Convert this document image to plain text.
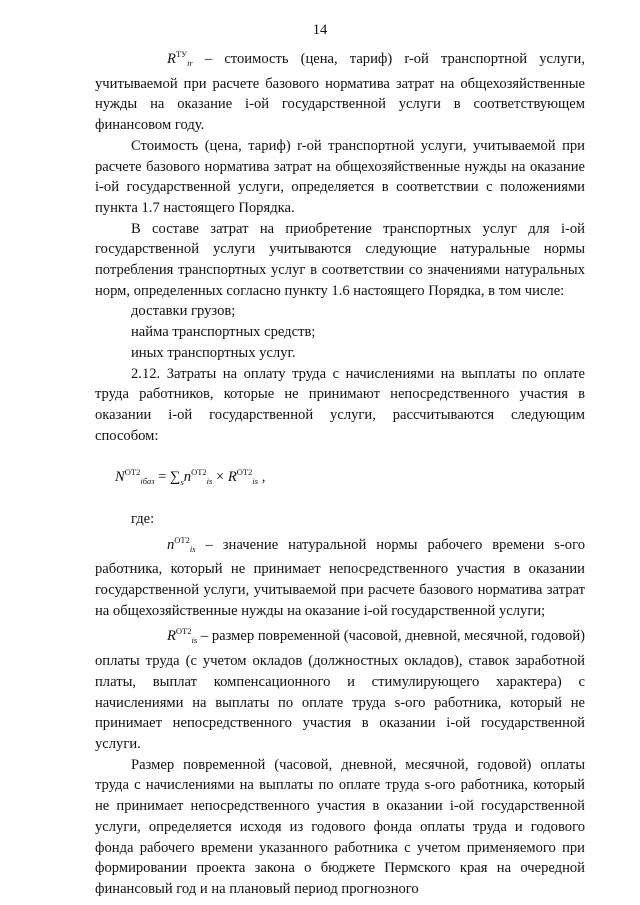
14

$R^{ТУ}_{ir}$ – стоимость (цена, тариф) r-ой транспортной услуги, учитываемой при расчете базового норматива затрат на общехозяйственные нужды на оказание i-ой государственной услуги в соответствующем финансовом году.

Стоимость (цена, тариф) r-ой транспортной услуги, учитываемой при расчете базового норматива затрат на общехозяйственные нужды на оказание i-ой государственной услуги, определяется в соответствии с положениями пункта 1.7 настоящего Порядка.

В составе затрат на приобретение транспортных услуг для i-ой государственной услуги учитываются следующие натуральные нормы потребления транспортных услуг в соответствии со значениями натуральных норм, определенных согласно пункту 1.6 настоящего Порядка, в том числе:

доставки грузов;

найма транспортных средств;

иных транспортных услуг.

2.12. Затраты на оплату труда с начислениями на выплаты по оплате труда работников, которые не принимают непосредственного участия в оказании i-ой государственной услуги, рассчитываются следующим способом:

$N^{ОТ2}_{iбаз} = \sum_sn^{ОТ2}_{is} \times R^{ОТ2}_{is}$ ,

где:

$n^{ОТ2}_{is}$ – значение натуральной нормы рабочего времени s-ого работника, который не принимает непосредственного участия в оказании государственной услуги, учитываемой при расчете базового норматива затрат на общехозяйственные нужды на оказание i-ой государственной услуги;

$R^{ОТ2}_{is}$ – размер повременной (часовой, дневной, месячной, годовой) оплаты труда (с учетом окладов (должностных окладов), ставок заработной платы, выплат компенсационного и стимулирующего характера) с начислениями на выплаты по оплате труда s-ого работника, который не принимает непосредственного участия в оказании i-ой государственной услуги.

Размер повременной (часовой, дневной, месячной, годовой) оплаты труда с начислениями на выплаты по оплате труда s-ого работника, который не принимает непосредственного участия в оказании i-ой государственной услуги, определяется исходя из годового фонда оплаты труда и годового фонда рабочего времени указанного работника с учетом применяемого при формировании проекта закона о бюджете Пермского края на очередной финансовый год и на плановый период прогнозного
